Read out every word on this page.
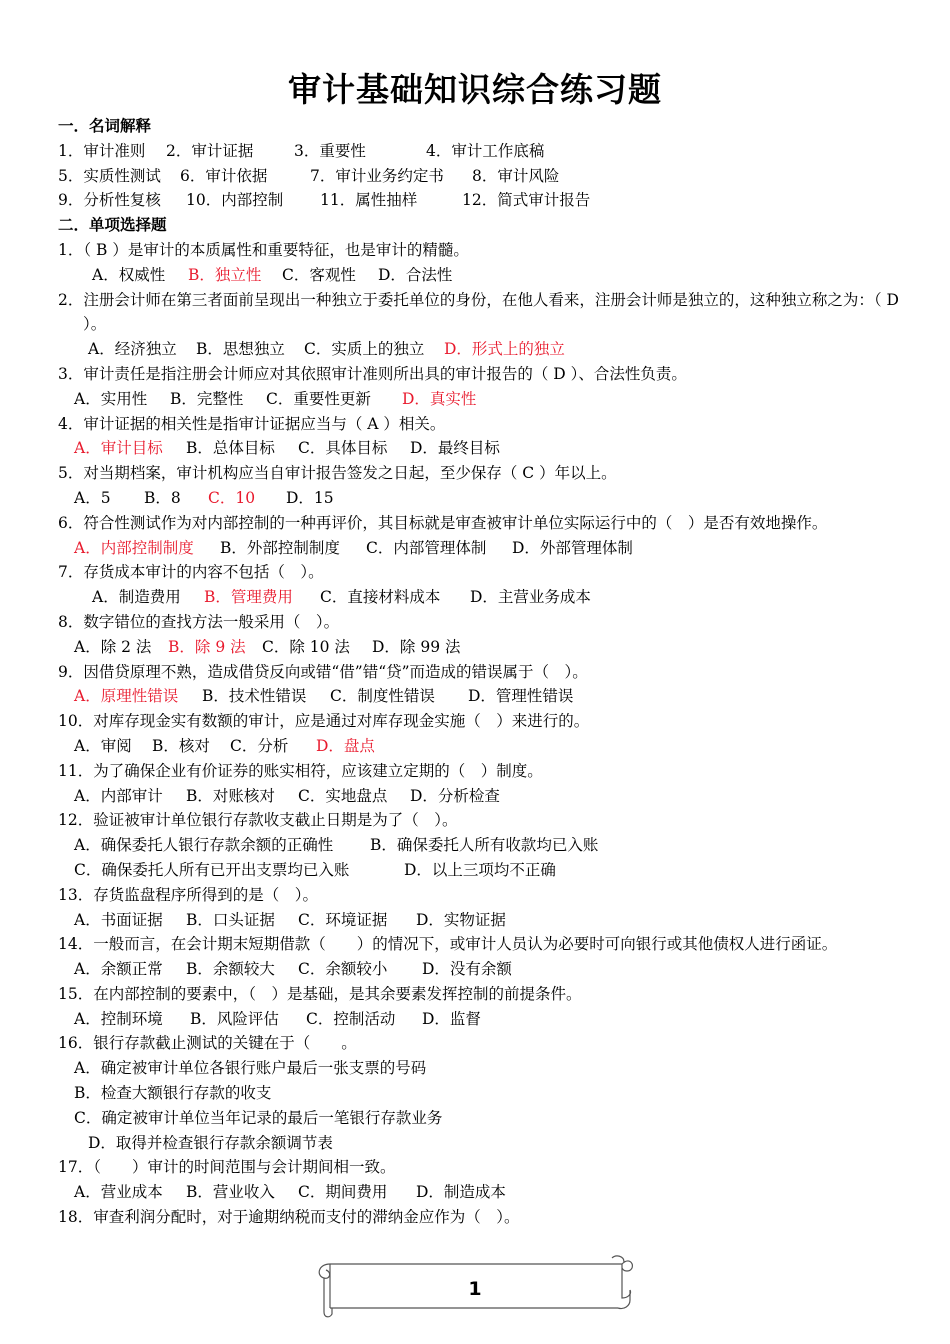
审计基础知识综合练习题
一．名词解释
1．审计准则 2．审计证据	3．重要性	4．审计工作底稿
5．实质性测试 6．审计依据	7．审计业务约定书 8．审计风险
9．分析性复核 10．内部控制 11．属性抽样	12．简式审计报告
二．单项选择题
1．（ B ）是审计的本质属性和重要特征，也是审计的精髓。
A．权威性 B．独立性 C．客观性 D．合法性
2．注册会计师在第三者面前呈现出一种独立于委托单位的身份，在他人看来，注册会计师是独立的，这种独立称之为：（ D ）。
A．经济独立 B．思想独立 C．实质上的独立 D．形式上的独立
3．审计责任是指注册会计师应对其依照审计准则所出具的审计报告的（ D ）、合法性负责。
A．实用性 B．完整性 C．重要性更新 D．真实性
4．审计证据的相关性是指审计证据应当与（ A ）相关。
A．审计目标 B．总体目标 C．具体目标 D．最终目标
5．对当期档案，审计机构应当自审计报告签发之日起，至少保存（ C ）年以上。
A．5 B．8 C．10 D．15
6．符合性测试作为对内部控制的一种再评价，其目标就是审查被审计单位实际运行中的（　）是否有效地操作。
A．内部控制制度 B．外部控制制度 C．内部管理体制 D．外部管理体制
7．存货成本审计的内容不包括（　）。
A．制造费用 B．管理费用 C．直接材料成本 D．主营业务成本
8．数字错位的查找方法一般采用（　）。
A．除 2 法 B．除 9 法 C．除 10 法 D．除 99 法
9．因借贷原理不熟，造成借贷反向或错“借”错“贷”而造成的错误属于（　）。
A．原理性错误 B．技术性错误 C．制度性错误 D．管理性错误
10．对库存现金实有数额的审计，应是通过对库存现金实施（　）来进行的。
A．审阅 B．核对 C．分析 D．盘点
11．为了确保企业有价证券的账实相符，应该建立定期的（　）制度。
A．内部审计 B．对账核对 C．实地盘点 D．分析检查
12．验证被审计单位银行存款收支截止日期是为了（　）。
A．确保委托人银行存款余额的正确性 B．确保委托人所有收款均已入账
C．确保委托人所有已开出支票均已入账	D．以上三项均不正确
13．存货监盘程序所得到的是（　）。
A．书面证据 B．口头证据 C．环境证据 D．实物证据
14．一般而言，在会计期末短期借款（　　）的情况下，或审计人员认为必要时可向银行或其他债权人进行函证。
A．余额正常 B．余额较大 C．余额较小 D．没有余额
15．在内部控制的要素中，（　）是基础，是其余要素发挥控制的前提条件。
A．控制环境 B．风险评估 C．控制活动 D．监督
16．银行存款截止测试的关键在于（　　。
A．确定被审计单位各银行账户最后一张支票的号码
B．检查大额银行存款的收支
C．确定被审计单位当年记录的最后一笔银行存款业务
D．取得并检查银行存款余额调节表
17．（　　）审计的时间范围与会计期间相一致。
A．营业成本 B．营业收入 C．期间费用 D．制造成本
18．审查利润分配时，对于逾期纳税而支付的滞纳金应作为（　）。
1
